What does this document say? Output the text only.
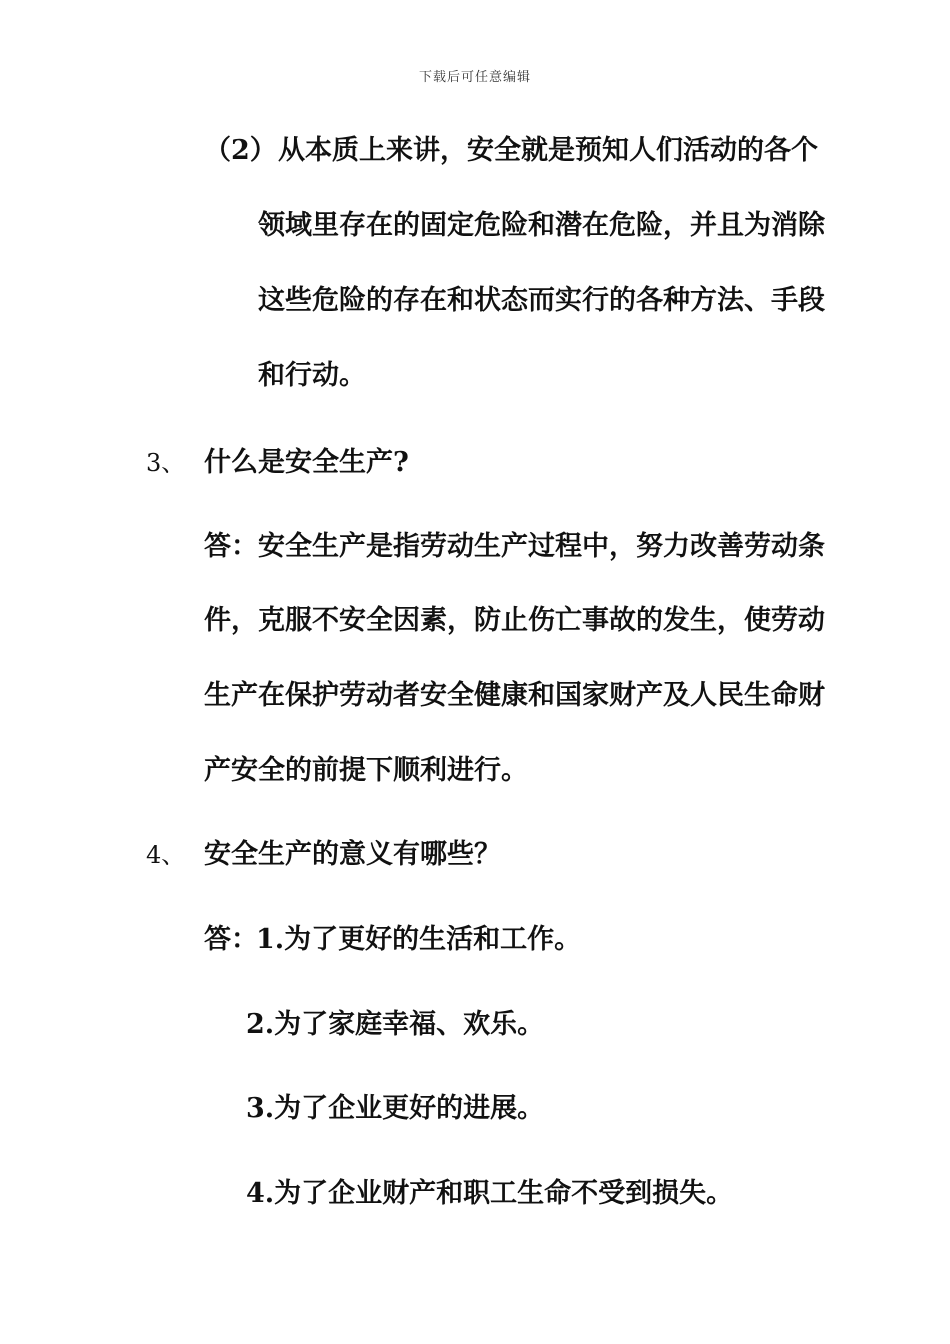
下载后可任意编辑
（2） 从本质上来讲，安全就是预知人们活动的各个
领域里存在的固定危险和潜在危险，并且为消除
这些危险的存在和状态而实行的各种方法、手段
和行动。
3、 什么是安全生产?
答：安全生产是指劳动生产过程中，努力改善劳动条
件，克服不安全因素，防止伤亡事故的发生，使劳动
生产在保护劳动者安全健康和国家财产及人民生命财
产安全的前提下顺利进行。
4、 安全生产的意义有哪些？
答：
1.为了更好的生活和工作。
2.为了家庭幸福、欢乐。
3.为了企业更好的进展。
4.为了企业财产和职工生命不受到损失。
